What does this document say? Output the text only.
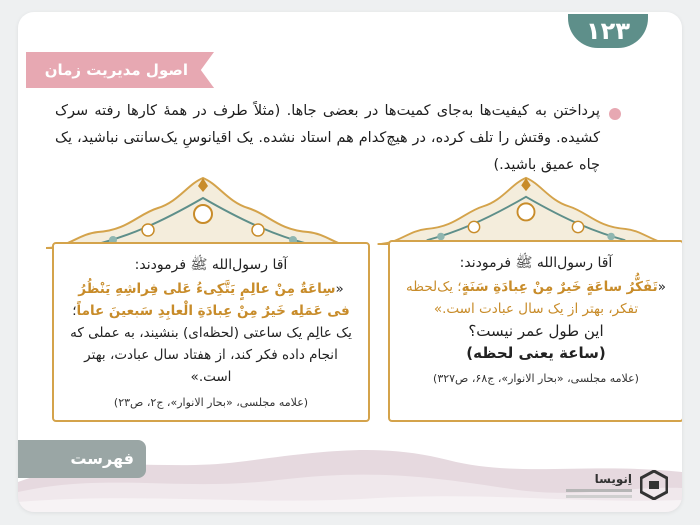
۱۲۳
اصول مدیریت زمان
پرداختن به کیفیت‌ها به‌جای کمیت‌ها در بعضی جاها. (مثلاً طرف در همهٔ کارها رفته سرک کشیده. وقتش را تلف کرده، در هیچ‌کدام هم استاد نشده. یک اقیانوسِ یک‌سانتی نباشید، یک چاه عمیق باشید.)
آقا رسول‌الله ﷺ فرمودند:
«سِاعَةٌ مِنْ عالِمٍ یَتَّکِیءُ عَلی فِراشِهِ یَنْظُرُ فی عَمَلِه خَیرٌ مِنْ عِبادَةِ الْعابِدِ سَبعینَ عاماً؛ یک عالِم یک ساعتی (لحظه‌ای) بنشیند، به عملی که انجام داده فکر کند، از هفتاد سال عبادت، بهتر است.»
(علامه مجلسی، «بحار الانوار»، ج۲، ص۲۳)
آقا رسول‌الله ﷺ فرمودند:
«تَفَکُّرُ ساعَةٍ خَیرٌ مِنْ عِبادَةِ سَنَةٍ؛ یک‌لحظه تفکر، بهتر از یک سال عبادت است.»
این طول عمر نیست؟
(ساعة یعنی لحظه)
(علامه مجلسی، «بحار الانوار»، ج۶۸، ص۳۲۷)
فهرست
اِنویسا
